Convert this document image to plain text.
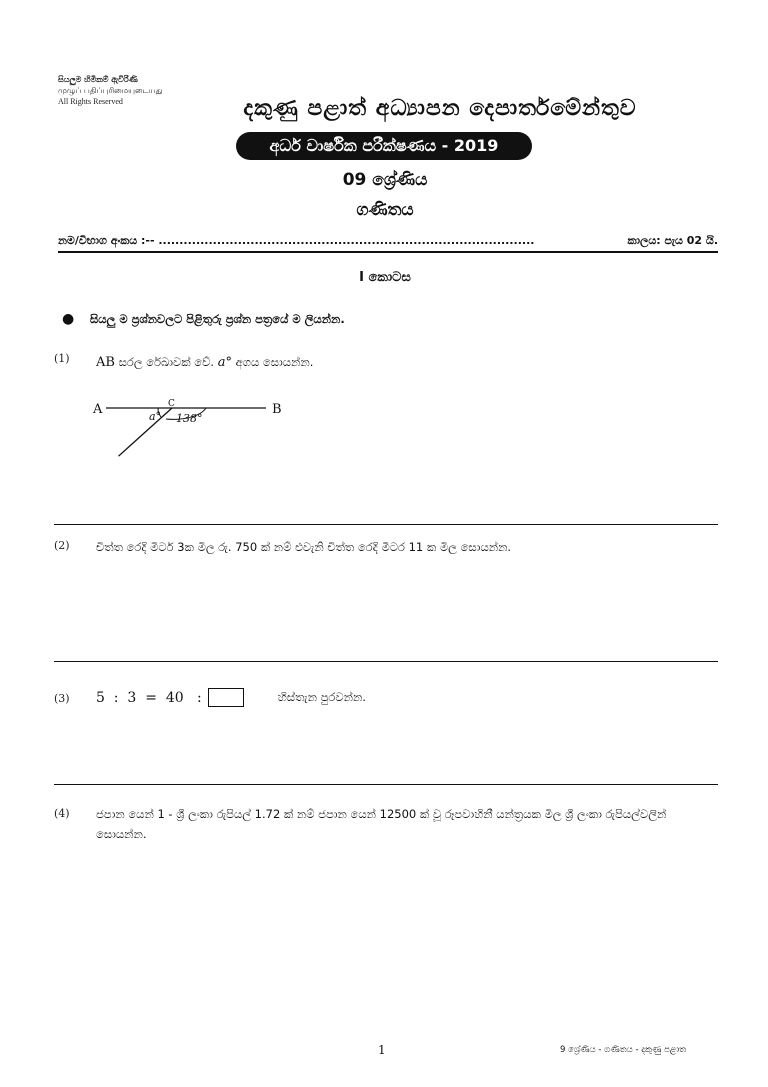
සියලුම හිමිකම් ඇවිරිණි
முழுப் பதிப்புரிமையுடையது
All Rights Reserved	දකුණු පළාත් අධ්‍යාපන දෙපාර්තමේන්තුව
අර්ධ වාර්ෂික පරීක්ෂණය - 2019
09 ශ්‍රේණිය
ගණිතය
නම/විභාග අංකය :-- ..........................................................................................	කාලය: පැය 02 යි.
I කොටස
● සියලු ම ප්‍රශ්නවලට පිළිතුරු ප්‍රශ්න පත්‍රයේ ම ලියන්න.
(1) AB සරල රේඛාවක් වේ. a° අගය සොයන්න.
A	B
C
a° 138°
(2) චිත්ත රෙදි මීටර් 3ක මිල රු. 750 ක් නම් එවැනි චිත්ත රෙදි මීටර 11 ක මිල සොයන්න.
(3) 5  :  3  =  40   :	හිස්තැන පුරවන්න.
(4) ජපාන යෙන් 1 - ශ්‍රී ලංකා රුපියල් 1.72 ක් නම් ජපාන යෙන් 12500 ක් වූ රූපවාහිනී යන්ත්‍රයක මිල ශ්‍රී ලංකා රුපියල්වලින් සොයන්න.
1	9 ශ්‍රේණිය - ගණිතය - දකුණු පළාත
